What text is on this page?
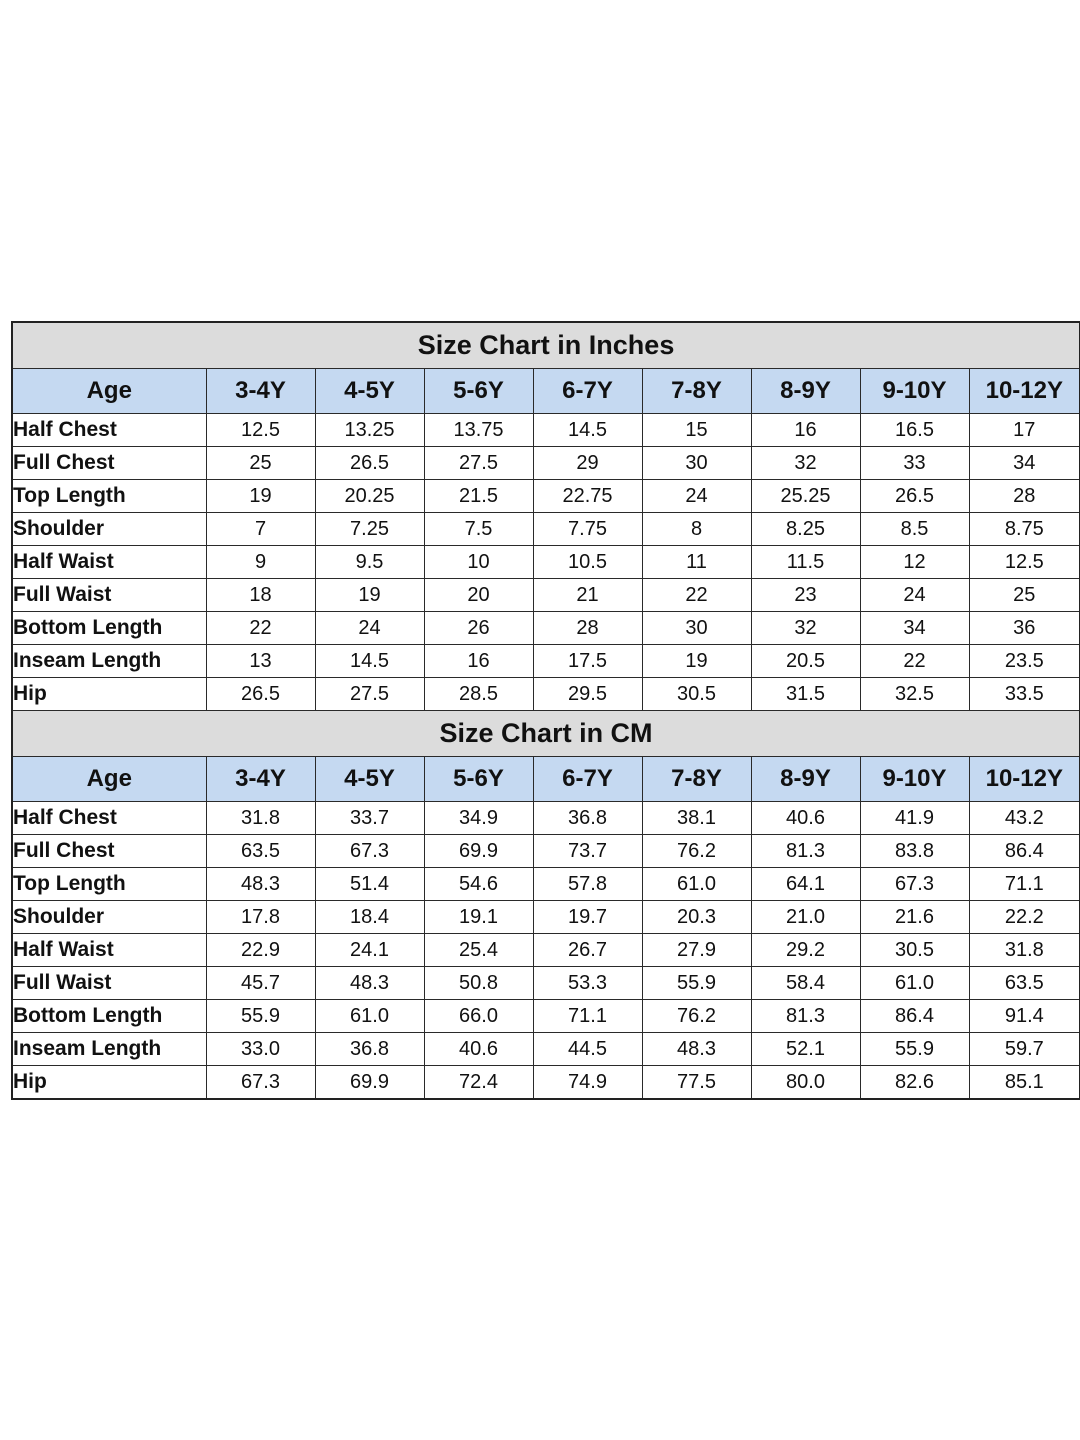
Size Chart in Inches								
Age	3-4Y	4-5Y	5-6Y	6-7Y	7-8Y	8-9Y	9-10Y	10-12Y
Half Chest	12.5	13.25	13.75	14.5	15	16	16.5	17
Full Chest	25	26.5	27.5	29	30	32	33	34
Top Length	19	20.25	21.5	22.75	24	25.25	26.5	28
Shoulder	7	7.25	7.5	7.75	8	8.25	8.5	8.75
Half Waist	9	9.5	10	10.5	11	11.5	12	12.5
Full Waist	18	19	20	21	22	23	24	25
Bottom Length	22	24	26	28	30	32	34	36
Inseam Length	13	14.5	16	17.5	19	20.5	22	23.5
Hip	26.5	27.5	28.5	29.5	30.5	31.5	32.5	33.5
Size Chart in CM								
Age	3-4Y	4-5Y	5-6Y	6-7Y	7-8Y	8-9Y	9-10Y	10-12Y
Half Chest	31.8	33.7	34.9	36.8	38.1	40.6	41.9	43.2
Full Chest	63.5	67.3	69.9	73.7	76.2	81.3	83.8	86.4
Top Length	48.3	51.4	54.6	57.8	61.0	64.1	67.3	71.1
Shoulder	17.8	18.4	19.1	19.7	20.3	21.0	21.6	22.2
Half Waist	22.9	24.1	25.4	26.7	27.9	29.2	30.5	31.8
Full Waist	45.7	48.3	50.8	53.3	55.9	58.4	61.0	63.5
Bottom Length	55.9	61.0	66.0	71.1	76.2	81.3	86.4	91.4
Inseam Length	33.0	36.8	40.6	44.5	48.3	52.1	55.9	59.7
Hip	67.3	69.9	72.4	74.9	77.5	80.0	82.6	85.1
